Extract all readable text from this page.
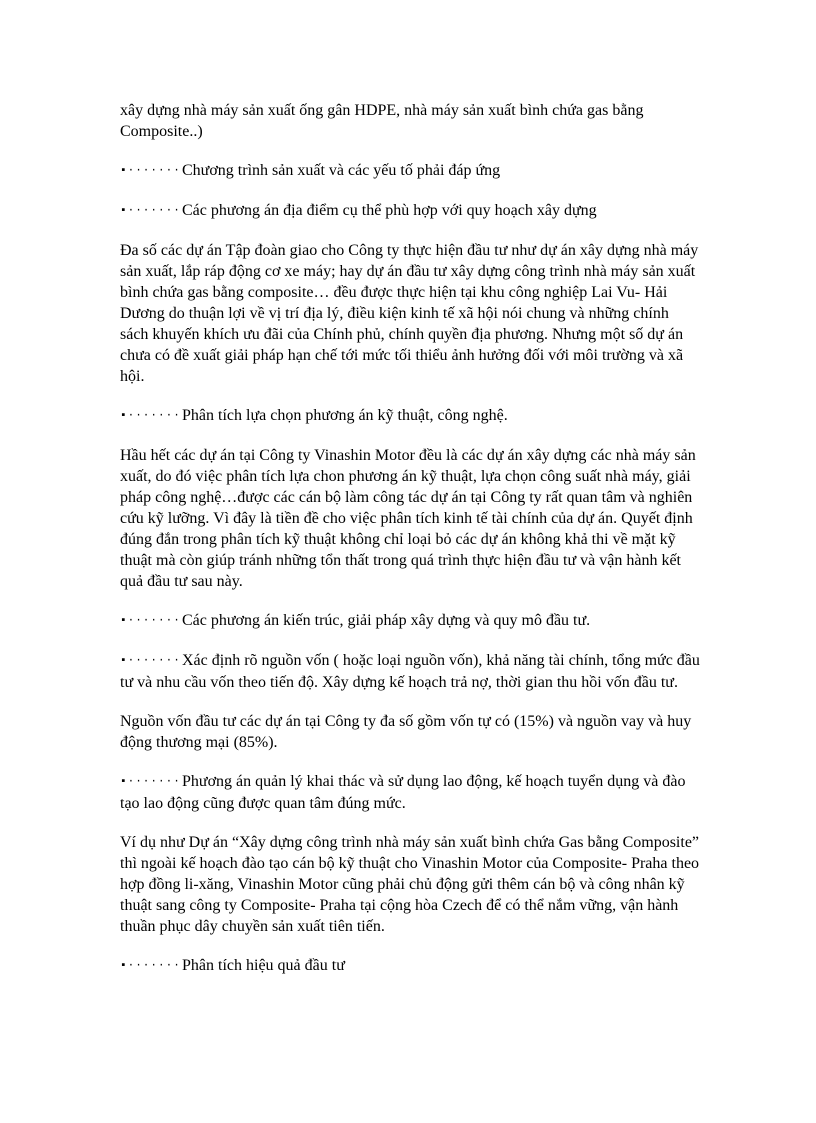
xây dựng nhà máy sản xuất ống gân HDPE, nhà máy sản xuất bình chứa gas bằng Composite..)

▪·······Chương trình sản xuất và các yếu tố phải đáp ứng
▪·······Các phương án địa điểm cụ thể phù hợp với quy hoạch xây dựng

Đa số các dự án Tập đoàn giao cho Công ty thực hiện đầu tư như dự án xây dựng nhà máy sản xuất, lắp ráp động cơ xe máy; hay dự án đầu tư xây dựng công trình nhà máy sản xuất bình chứa gas bằng composite… đều được thực hiện tại khu công nghiệp Lai Vu- Hải Dương do thuận lợi về vị trí địa lý, điều kiện kinh tế xã hội nói chung và những chính sách khuyến khích ưu đãi của Chính phủ, chính quyền địa phương. Nhưng một số dự án chưa có đề xuất giải pháp hạn chế tới mức tối thiểu ảnh hưởng đối với môi trường và xã hội.

▪·······Phân tích lựa chọn phương án kỹ thuật, công nghệ.

Hầu hết các dự án tại Công ty Vinashin Motor đều là các dự án xây dựng các nhà máy sản xuất, do đó việc phân tích lựa chon phương án kỹ thuật, lựa chọn công suất nhà máy, giải pháp công nghệ…được các cán bộ làm công tác dự án tại Công ty rất quan tâm và nghiên cứu kỹ lưỡng. Vì đây là tiền đề cho việc phân tích kinh tế tài chính của dự án. Quyết định đúng đắn trong phân tích kỹ thuật không chỉ loại bỏ các dự án không khả thi về mặt kỹ thuật mà còn giúp tránh những tổn thất trong quá trình thực hiện đầu tư và vận hành kết quả đầu tư sau này.

▪·······Các phương án kiến trúc, giải pháp xây dựng và quy mô đầu tư.
▪·······Xác định rõ nguồn vốn ( hoặc loại nguồn vốn), khả năng tài chính, tổng mức đầu tư và nhu cầu vốn theo tiến độ. Xây dựng kế hoạch trả nợ, thời gian thu hồi vốn đầu tư.

Nguồn vốn đầu tư các dự án tại Công ty đa số gồm vốn tự có (15%) và nguồn vay và huy động thương mại (85%).

▪·······Phương án quản lý khai thác và sử dụng lao động, kế hoạch tuyển dụng và đào tạo lao động cũng được quan tâm đúng mức.

Ví dụ như Dự án “Xây dựng công trình nhà máy sản xuất bình chứa Gas bằng Composite” thì ngoài kế hoạch đào tạo cán bộ kỹ thuật cho Vinashin Motor của Composite- Praha theo hợp đồng li-xăng, Vinashin Motor cũng phải chủ động gửi thêm cán bộ và công nhân kỹ thuật sang công ty Composite- Praha tại cộng hòa Czech để có thể nắm vững, vận hành thuần phục dây chuyền sản xuất tiên tiến.

▪·······Phân tích hiệu quả đầu tư
